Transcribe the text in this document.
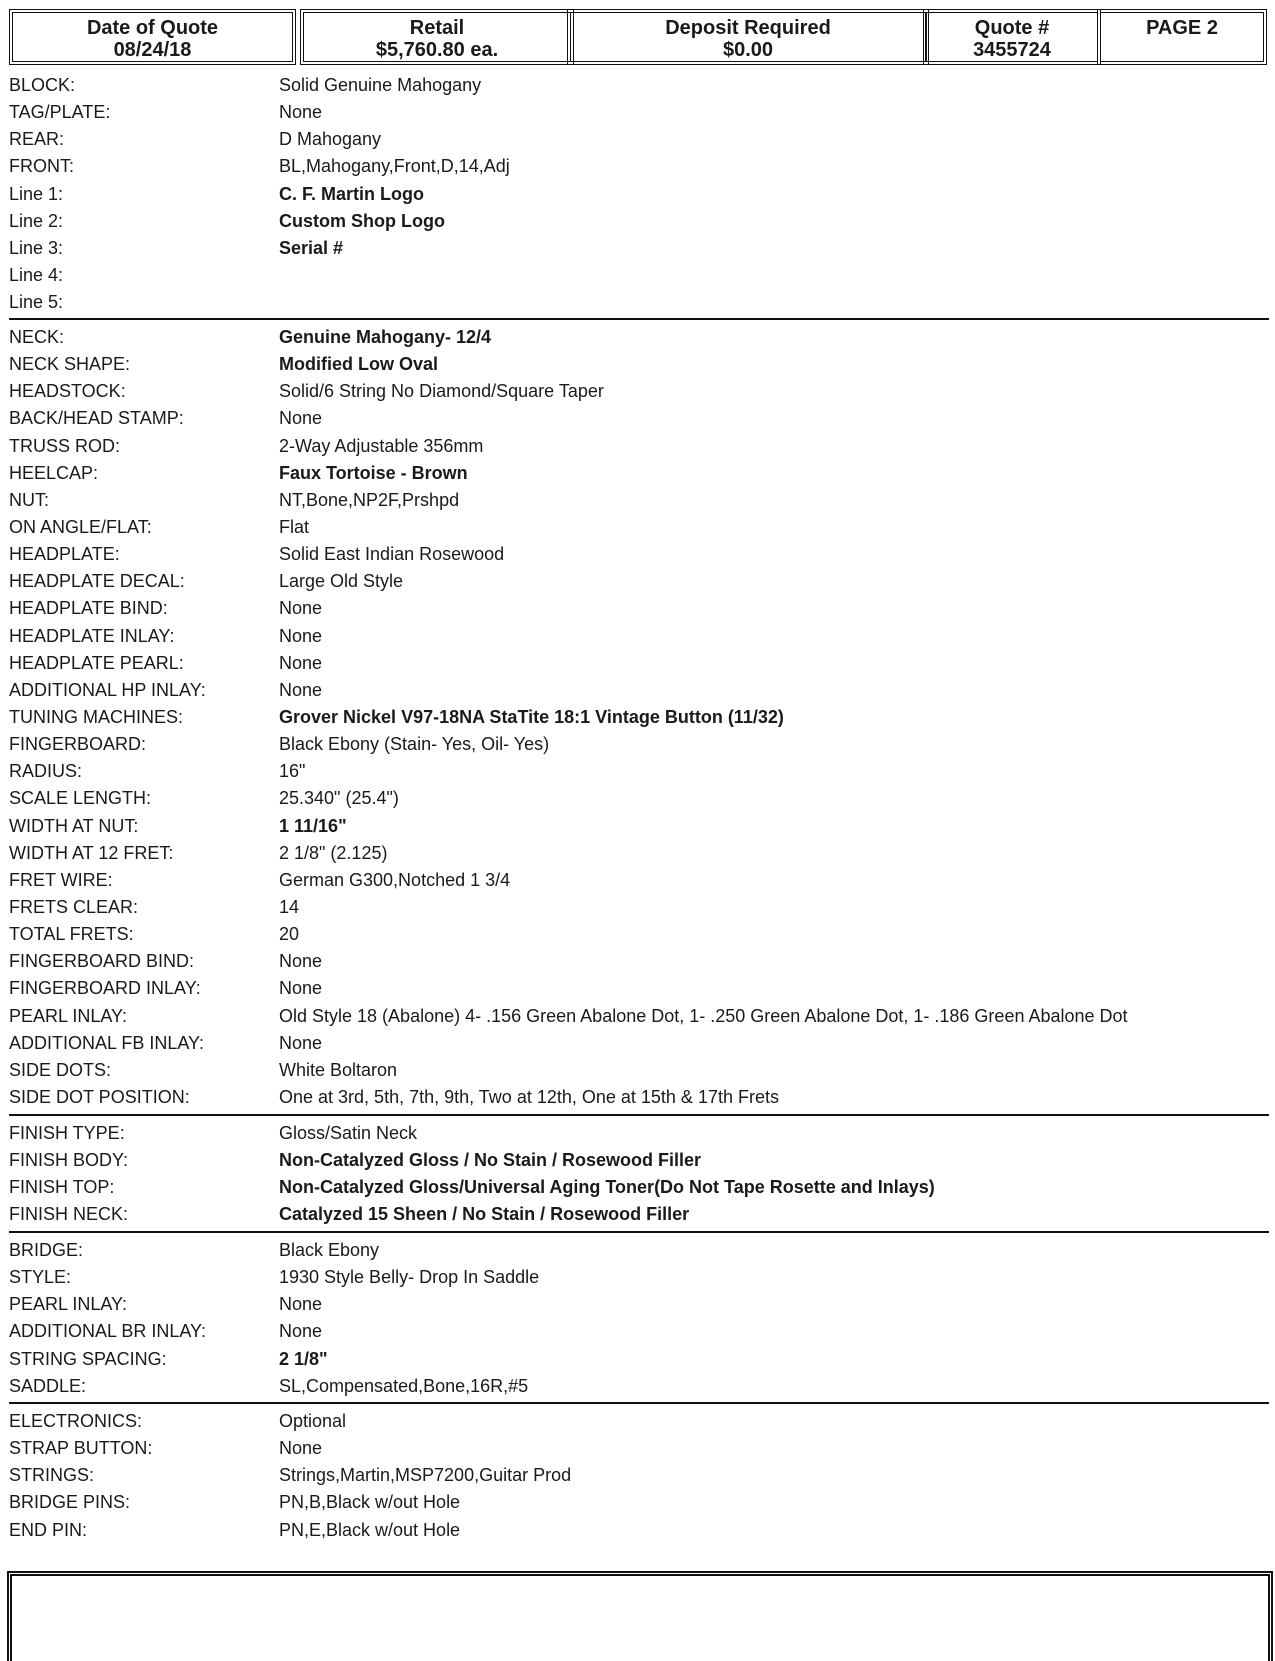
Date of Quote
08/24/18
Retail
$5,760.80 ea.
Deposit Required
$0.00
Quote #
3455724
PAGE 2
BLOCK:	Solid Genuine Mahogany
TAG/PLATE:	None
REAR:	D Mahogany
FRONT:	BL,Mahogany,Front,D,14,Adj
Line 1:	C. F. Martin Logo
Line 2:	Custom Shop Logo
Line 3:	Serial #
Line 4:
Line 5:
NECK:	Genuine Mahogany- 12/4
NECK SHAPE:	Modified Low Oval
HEADSTOCK:	Solid/6 String No Diamond/Square Taper
BACK/HEAD STAMP:	None
TRUSS ROD:	2-Way Adjustable 356mm
HEELCAP:	Faux Tortoise - Brown
NUT:	NT,Bone,NP2F,Prshpd
ON ANGLE/FLAT:	Flat
HEADPLATE:	Solid East Indian Rosewood
HEADPLATE DECAL:	Large Old Style
HEADPLATE BIND:	None
HEADPLATE INLAY:	None
HEADPLATE PEARL:	None
ADDITIONAL HP INLAY:	None
TUNING MACHINES:	Grover Nickel V97-18NA StaTite 18:1 Vintage Button (11/32)
FINGERBOARD:	Black Ebony (Stain- Yes, Oil- Yes)
RADIUS:	16"
SCALE LENGTH:	25.340" (25.4")
WIDTH AT NUT:	1 11/16"
WIDTH AT 12 FRET:	2 1/8" (2.125)
FRET WIRE:	German G300,Notched 1 3/4
FRETS CLEAR:	14
TOTAL FRETS:	20
FINGERBOARD BIND:	None
FINGERBOARD INLAY:	None
PEARL INLAY:	Old Style 18 (Abalone) 4- .156 Green Abalone Dot, 1- .250 Green Abalone Dot, 1- .186 Green Abalone Dot
ADDITIONAL FB INLAY:	None
SIDE DOTS:	White Boltaron
SIDE DOT POSITION:	One at 3rd, 5th, 7th, 9th, Two at 12th, One at 15th & 17th Frets
FINISH TYPE:	Gloss/Satin Neck
FINISH BODY:	Non-Catalyzed Gloss / No Stain / Rosewood Filler
FINISH TOP:	Non-Catalyzed Gloss/Universal Aging Toner(Do Not Tape Rosette and Inlays)
FINISH NECK:	Catalyzed 15 Sheen / No Stain / Rosewood Filler
BRIDGE:	Black Ebony
STYLE:	1930 Style Belly- Drop In Saddle
PEARL INLAY:	None
ADDITIONAL BR INLAY:	None
STRING SPACING:	2 1/8"
SADDLE:	SL,Compensated,Bone,16R,#5
ELECTRONICS:	Optional
STRAP BUTTON:	None
STRINGS:	Strings,Martin,MSP7200,Guitar Prod
BRIDGE PINS:	PN,B,Black w/out Hole
END PIN:	PN,E,Black w/out Hole
